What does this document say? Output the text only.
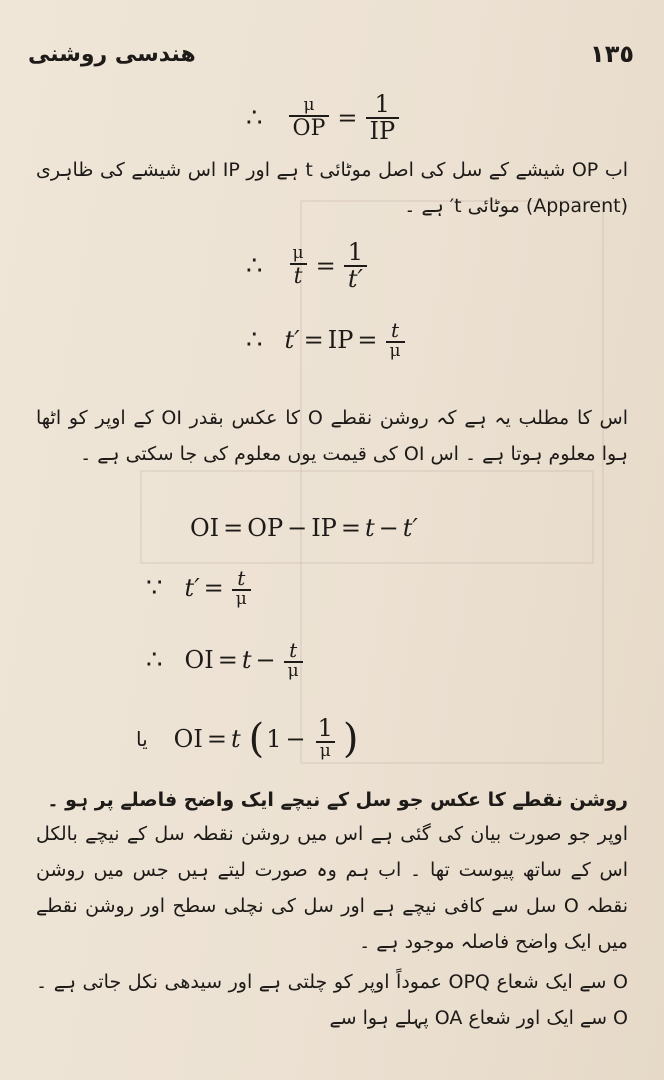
ھندسی روشنی	١٣٥
∴ $\frac{\mu}{OP} = \frac{1}{IP}$
اب OP شیشے کے سل کی اصل موٹائی t ہے اور IP اس شیشے کی ظاہری (Apparent) موٹائی t′ ہے ۔
∴ $\frac{\mu}{t} = \frac{1}{t'}$
∴ t′ = IP = $\frac{t}{\mu}$
اس کا مطلب یہ ہے کہ روشن نقطے O کا عکس بقدر OI کے اوپر کو اٹھا ہوا معلوم ہوتا ہے ۔ اس OI کی قیمت یوں معلوم کی جا سکتی ہے ۔
OI = OP − IP = t − t′
∵ $t' = \frac{t}{\mu}$
∴ OI = $t - \frac{t}{\mu}$
یا OI = t ( $1 - \frac{1}{\mu}$ )
روشن نقطے کا عکس جو سل کے نیچے ایک واضح فاصلے پر ہو ۔
اوپر جو صورت بیان کی گئی ہے اس میں روشن نقطہ سل کے نیچے بالکل اس کے ساتھ پیوست تھا ۔ اب ہم وہ صورت لیتے ہیں جس میں روشن نقطہ O سل سے کافی نیچے ہے اور سل کی نچلی سطح اور روشن نقطے میں ایک واضح فاصلہ موجود ہے ۔
O سے ایک شعاع OPQ عموداً اوپر کو چلتی ہے اور سیدھی نکل جاتی ہے ۔ O سے ایک اور شعاع OA پہلے ہوا سے
